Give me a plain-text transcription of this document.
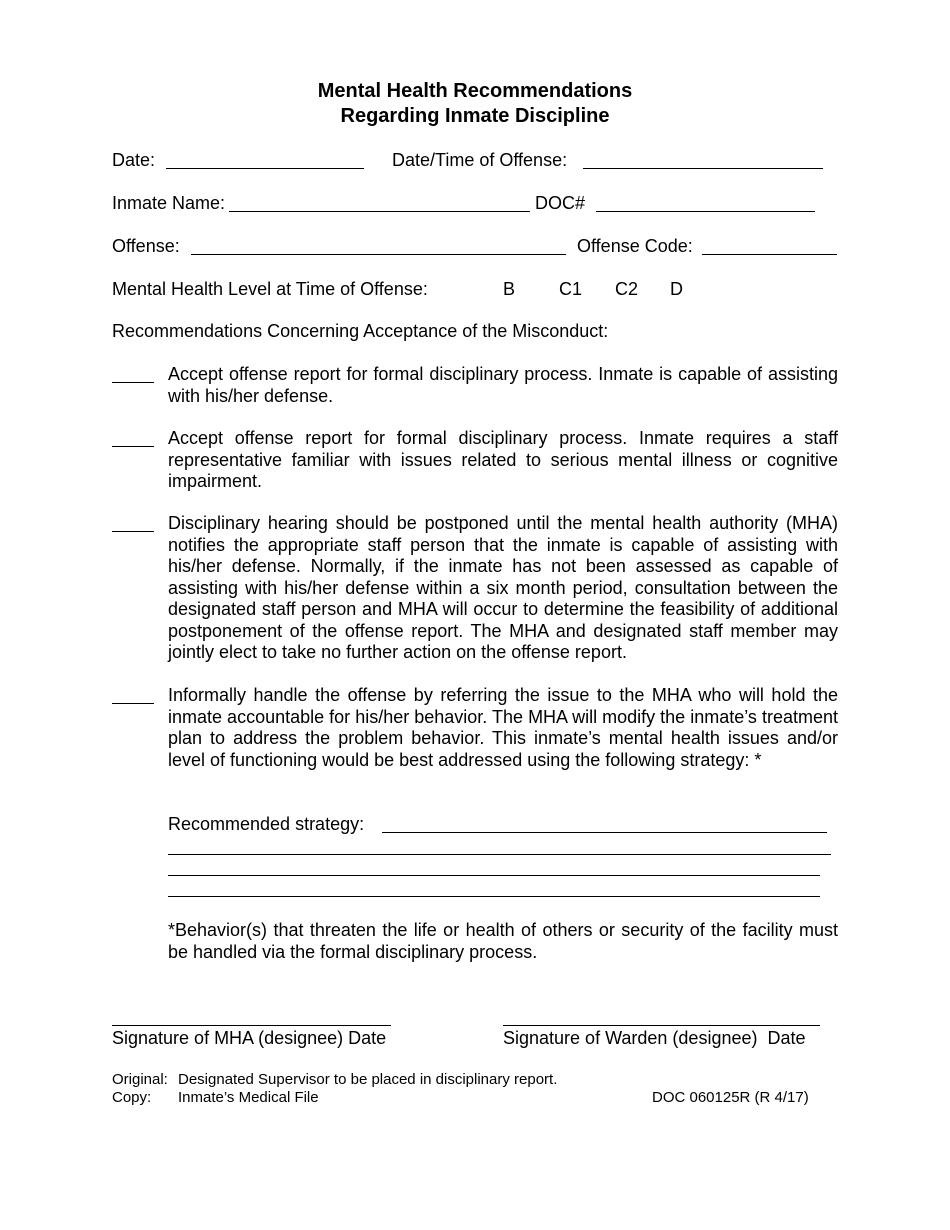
Mental Health Recommendations
Regarding Inmate Discipline
Date:	Date/Time of Offense:
Inmate Name:	DOC#
Offense:	Offense Code:
Mental Health Level at Time of Offense:	B C1 C2 D
Recommendations Concerning Acceptance of the Misconduct:
Accept offense report for formal disciplinary process. Inmate is capable of assisting with his/her defense.
Accept offense report for formal disciplinary process. Inmate requires a staff representative familiar with issues related to serious mental illness or cognitive impairment.
Disciplinary hearing should be postponed until the mental health authority (MHA) notifies the appropriate staff person that the inmate is capable of assisting with his/her defense. Normally, if the inmate has not been assessed as capable of assisting with his/her defense within a six month period, consultation between the designated staff person and MHA will occur to determine the feasibility of additional postponement of the offense report. The MHA and designated staff member may jointly elect to take no further action on the offense report.
Informally handle the offense by referring the issue to the MHA who will hold the inmate accountable for his/her behavior. The MHA will modify the inmate’s treatment plan to address the problem behavior. This inmate’s mental health issues and/or level of functioning would be best addressed using the following strategy: *
Recommended strategy:
*Behavior(s) that threaten the life or health of others or security of the facility must be handled via the formal disciplinary process.
Signature of MHA (designee) Date	Signature of Warden (designee)  Date
Original: Designated Supervisor to be placed in disciplinary report.
Copy: Inmate’s Medical File	DOC 060125R (R 4/17)
